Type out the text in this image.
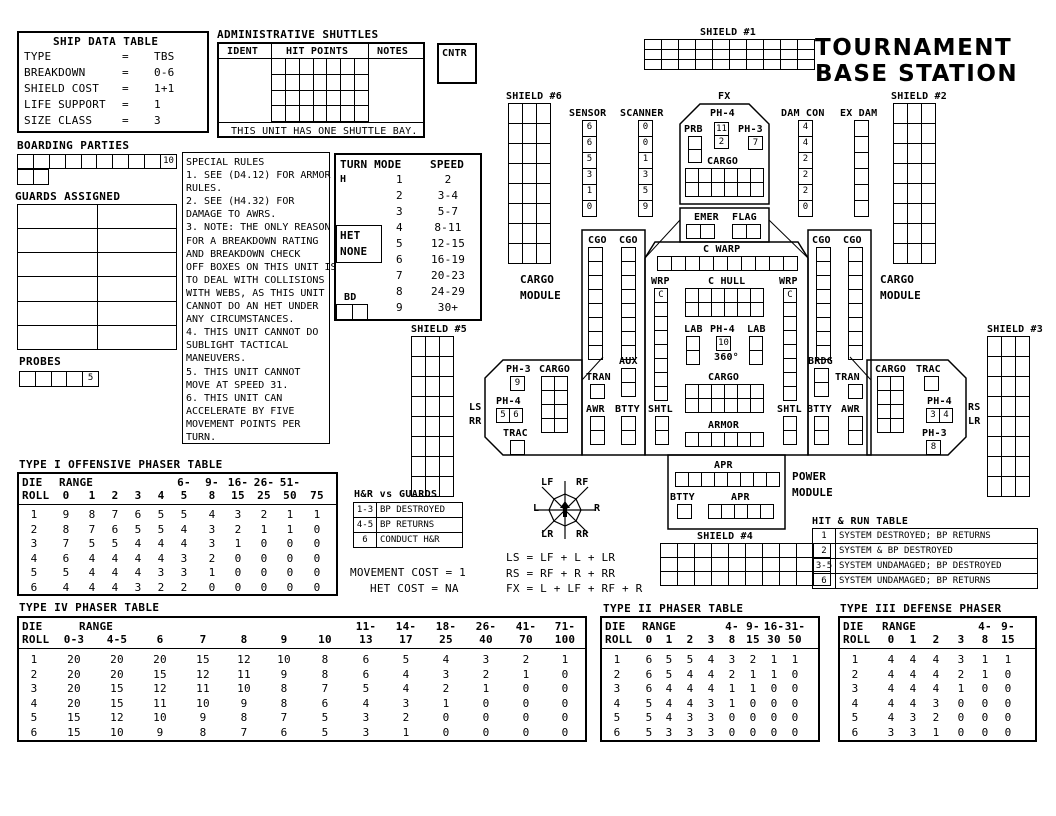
TOURNAMENT
BASE STATION
SHIP DATA TABLE
TYPE	= TBS
BREAKDOWN	= 0-6
SHIELD COST = 1+1
LIFE SUPPORT = 1
SIZE CLASS	= 3
ADMINISTRATIVE SHUTTLES
IDENT	HIT POINTS	NOTES
THIS UNIT HAS ONE SHUTTLE BAY.
CNTR
BOARDING PARTIES
10
GUARDS ASSIGNED
PROBES
5
SPECIAL RULES
1. SEE (D4.12) FOR ARMOR
RULES.
2. SEE (H4.32) FOR
DAMAGE TO AWRS.
3. NOTE: THE ONLY REASON
FOR A BREAKDOWN RATING
AND BREAKDOWN CHECK
OFF BOXES ON THIS UNIT IS
TO DEAL WITH COLLISIONS
WITH WEBS, AS THIS UNIT
CANNOT DO AN HET UNDER
ANY CIRCUMSTANCES.
4. THIS UNIT CANNOT DO
SUBLIGHT TACTICAL
MANEUVERS.
5. THIS UNIT CANNOT
MOVE AT SPEED 31.
6. THIS UNIT CAN
ACCELERATE BY FIVE
MOVEMENT POINTS PER
TURN.
TURN MODE	SPEED
H	1	2
2	3-4
3	5-7
4	8-11
5	12-15
6	16-19
7	20-23
8	24-29
9	30+
HET
NONE
BD
SHIELD #1
SHIELD #6	SHIELD #2
SHIELD #5	SHIELD #3
SHIELD #4
SENSOR
6
6
5
3
1
0
SCANNER
0
0
1
3
5
9
DAM CON
4
4
2
2
2
0
EX DAM
FX
PH-4
PRB 11
2
PH-3
7
CARGO
EMER FLAG
CGO CGO	CGO CGO
CARGO
MODULE
CARGO
MODULE
C WARP
WRP
C
WRP
C
C HULL
LAB PH-4
10
360°
LAB
CARGO
ARMOR
TRAN
AUX
AWR BTTY SHTL
BRDG
TRAN
SHTL BTTY AWR
PH-3
9
CARGO
PH-4
5 6
TRAC
LS
RR
CARGO TRAC
PH-4
3 4
PH-3
8
RS
LR
APR
BTTY	APR
POWER
MODULE
LF RF
L	R
LR RR
LS = LF + L + LR
RS = RF + R + RR
FX = L + LF + RF + R
MOVEMENT COST = 1
HET COST = NA
H&R vs GUARDS
1-3	BP DESTROYED
4-5	BP RETURNS
6	CONDUCT H&R
HIT & RUN TABLE
1	SYSTEM DESTROYED; BP RETURNS
2	SYSTEM & BP DESTROYED
3-5	SYSTEM UNDAMAGED; BP DESTROYED
6	SYSTEM UNDAMAGED; BP RETURNS
TYPE I OFFENSIVE PHASER TABLE
DIE	RANGE	6-	9- 16- 26- 51-
ROLL	0	1	2	3	4	5	8	15	25	50	75
1	9	8	7	6	5	5	4	3	2	1	1
2	8	7	6	5	5	4	3	2	1	1	0
3	7	5	5	4	4	4	3	1	0	0	0
4	6	4	4	4	4	3	2	0	0	0	0
5	5	4	4	4	3	3	1	0	0	0	0
6	4	4	4	3	2	2	0	0	0	0	0
TYPE IV PHASER TABLE
DIE	RANGE	11-	14-	18-	26-	41-	71-
ROLL	0-3	4-5	6	7	8	9	10	13	17	25	40	70	100
1	20	20	20	15	12	10	8	6	5	4	3	2	1
2	20	20	15	12	11	9	8	6	4	3	2	1	0
3	20	15	12	11	10	8	7	5	4	2	1	0	0
4	20	15	11	10	9	8	6	4	3	1	0	0	0
5	15	12	10	9	8	7	5	3	2	0	0	0	0
6	15	10	9	8	7	6	5	3	1	0	0	0	0
TYPE II PHASER TABLE
DIE	RANGE	4- 9- 16- 31-
ROLL	0	1	2	3	8 15 30 50
1	6	5	5	4	3	2	1	1
2	6	5	4	4	2	1	1	0
3	6	4	4	4	1	1	0	0
4	5	4	4	3	1	0	0	0
5	5	4	3	3	0	0	0	0
6	5	3	3	3	0	0	0	0
TYPE III DEFENSE PHASER
DIE	RANGE	4- 9-
ROLL	0	1	2	3	8	15
1	4	4	4	3	1	1
2	4	4	4	2	1	0
3	4	4	4	1	0	0
4	4	4	3	0	0	0
5	4	3	2	0	0	0
6	3	3	1	0	0	0
